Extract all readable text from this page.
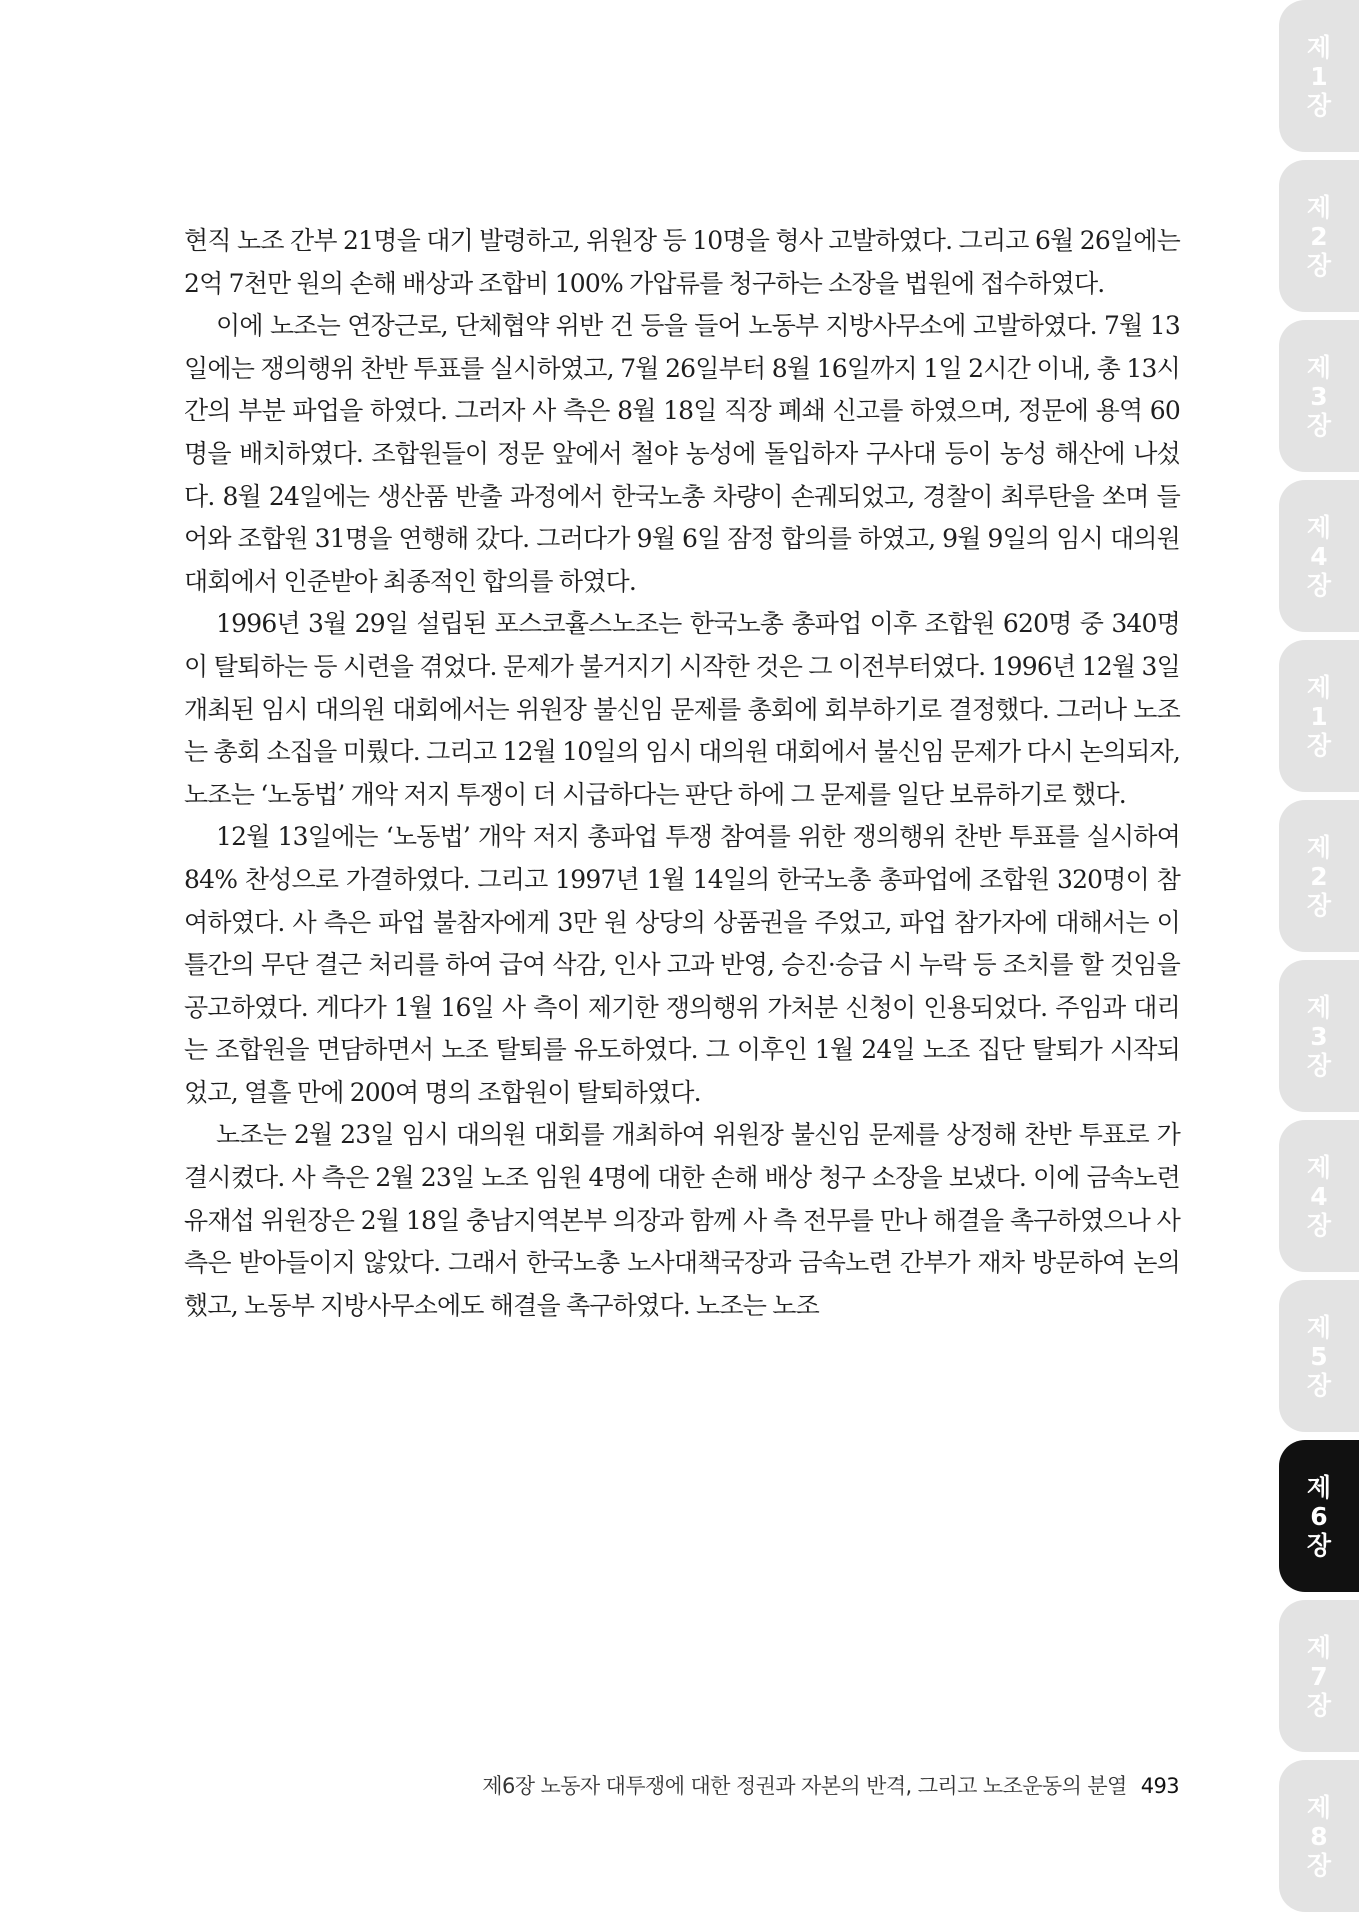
현직 노조 간부 21명을 대기 발령하고, 위원장 등 10명을 형사 고발하였다. 그리고 6월 26일에는 2억 7천만 원의 손해 배상과 조합비 100% 가압류를 청구하는 소장을 법원에 접수하였다.

이에 노조는 연장근로, 단체협약 위반 건 등을 들어 노동부 지방사무소에 고발하였다. 7월 13일에는 쟁의행위 찬반 투표를 실시하였고, 7월 26일부터 8월 16일까지 1일 2시간 이내, 총 13시간의 부분 파업을 하였다. 그러자 사 측은 8월 18일 직장 폐쇄 신고를 하였으며, 정문에 용역 60명을 배치하였다. 조합원들이 정문 앞에서 철야 농성에 돌입하자 구사대 등이 농성 해산에 나섰다. 8월 24일에는 생산품 반출 과정에서 한국노총 차량이 손궤되었고, 경찰이 최루탄을 쏘며 들어와 조합원 31명을 연행해 갔다. 그러다가 9월 6일 잠정 합의를 하였고, 9월 9일의 임시 대의원 대회에서 인준받아 최종적인 합의를 하였다.

1996년 3월 29일 설립된 포스코휼스노조는 한국노총 총파업 이후 조합원 620명 중 340명이 탈퇴하는 등 시련을 겪었다. 문제가 불거지기 시작한 것은 그 이전부터였다. 1996년 12월 3일 개최된 임시 대의원 대회에서는 위원장 불신임 문제를 총회에 회부하기로 결정했다. 그러나 노조는 총회 소집을 미뤘다. 그리고 12월 10일의 임시 대의원 대회에서 불신임 문제가 다시 논의되자, 노조는 ‘노동법’ 개악 저지 투쟁이 더 시급하다는 판단 하에 그 문제를 일단 보류하기로 했다.

12월 13일에는 ‘노동법’ 개악 저지 총파업 투쟁 참여를 위한 쟁의행위 찬반 투표를 실시하여 84% 찬성으로 가결하였다. 그리고 1997년 1월 14일의 한국노총 총파업에 조합원 320명이 참여하였다. 사 측은 파업 불참자에게 3만 원 상당의 상품권을 주었고, 파업 참가자에 대해서는 이틀간의 무단 결근 처리를 하여 급여 삭감, 인사 고과 반영, 승진·승급 시 누락 등 조치를 할 것임을 공고하였다. 게다가 1월 16일 사 측이 제기한 쟁의행위 가처분 신청이 인용되었다. 주임과 대리는 조합원을 면담하면서 노조 탈퇴를 유도하였다. 그 이후인 1월 24일 노조 집단 탈퇴가 시작되었고, 열흘 만에 200여 명의 조합원이 탈퇴하였다.

노조는 2월 23일 임시 대의원 대회를 개최하여 위원장 불신임 문제를 상정해 찬반 투표로 가결시켰다. 사 측은 2월 23일 노조 임원 4명에 대한 손해 배상 청구 소장을 보냈다. 이에 금속노련 유재섭 위원장은 2월 18일 충남지역본부 의장과 함께 사 측 전무를 만나 해결을 촉구하였으나 사 측은 받아들이지 않았다. 그래서 한국노총 노사대책국장과 금속노련 간부가 재차 방문하여 논의했고, 노동부 지방사무소에도 해결을 촉구하였다. 노조는 노조

제6장 노동자 대투쟁에 대한 정권과 자본의 반격, 그리고 노조운동의 분열 493
제
1
장
제
2
장
제
3
장
제
4
장
제
1
장
제
2
장
제
3
장
제
4
장
제
5
장
제
6
장
제
7
장
제
8
장
